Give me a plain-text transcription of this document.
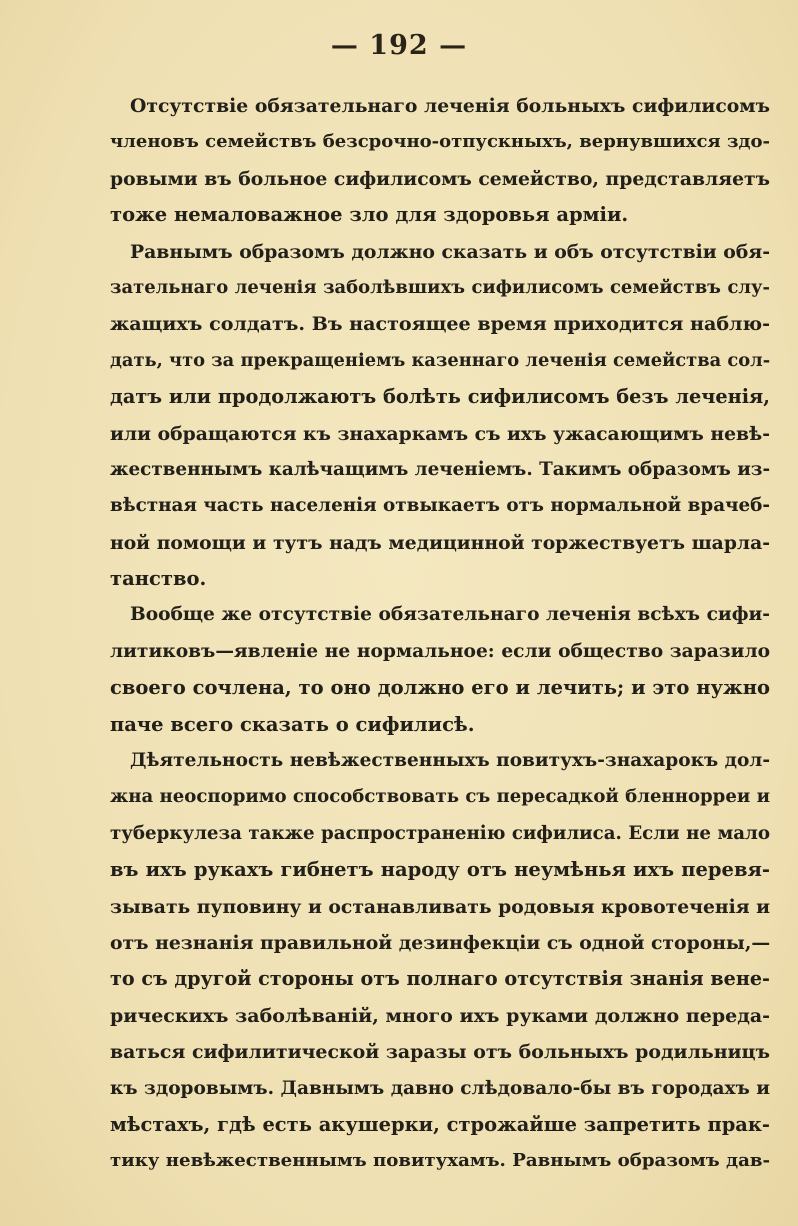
— 192 —
Отсутствіе обязательнаго леченія больныхъ сифилисомъ
членовъ семействъ безсрочно-отпускныхъ, вернувшихся здо-
ровыми въ больное сифилисомъ семейство, представляетъ
тоже немаловажное зло для здоровья арміи.
Равнымъ образомъ должно сказать и объ отсутствіи обя-
зательнаго леченія заболѣвшихъ сифилисомъ семействъ слу-
жащихъ солдатъ. Въ настоящее время приходится наблю-
дать, что за прекращеніемъ казеннаго леченія семейства сол-
датъ или продолжаютъ болѣть сифилисомъ безъ леченія,
или обращаются къ знахаркамъ съ ихъ ужасающимъ невѣ-
жественнымъ калѣчащимъ леченіемъ. Такимъ образомъ из-
вѣстная часть населенія отвыкаетъ отъ нормальной врачеб-
ной помощи и тутъ надъ медицинной торжествуетъ шарла-
танство.
Вообще же отсутствіе обязательнаго леченія всѣхъ сифи-
литиковъ—явленіе не нормальное: если общество заразило
своего сочлена, то оно должно его и лечить; и это нужно
паче всего сказать о сифилисѣ.
Дѣятельность невѣжественныхъ повитухъ-знахарокъ дол-
жна неоспоримо способствовать съ пересадкой бленнорреи и
туберкулеза также распространенію сифилиса. Если не мало
въ ихъ рукахъ гибнетъ народу отъ неумѣнья ихъ перевя-
зывать пуповину и останавливать родовыя кровотеченія и
отъ незнанія правильной дезинфекціи съ одной стороны,—
то съ другой стороны отъ полнаго отсутствія знанія вене-
рическихъ заболѣваній, много ихъ руками должно переда-
ваться сифилитической заразы отъ больныхъ родильницъ
къ здоровымъ. Давнымъ давно слѣдовало-бы въ городахъ и
мѣстахъ, гдѣ есть акушерки, строжайше запретить прак-
тику невѣжественнымъ повитухамъ. Равнымъ образомъ дав-
